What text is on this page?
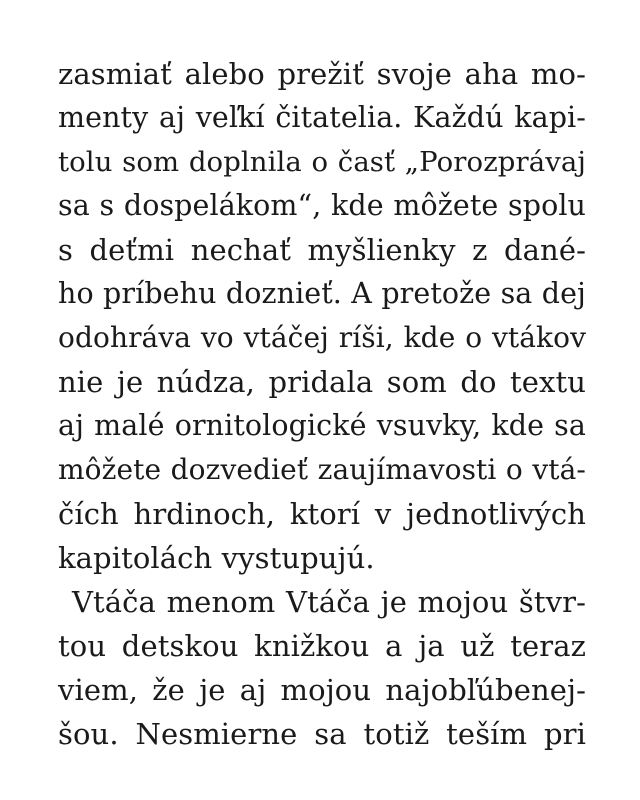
zasmiať alebo prežiť svoje aha mo-
menty aj veľkí čitatelia. Každú kapi-
tolu som doplnila o časť „Porozprávaj
sa s dospelákom“, kde môžete spolu
s deťmi nechať myšlienky z dané-
ho príbehu doznieť. A pretože sa dej
odohráva vo vtáčej ríši, kde o vtákov
nie je núdza, pridala som do textu
aj malé ornitologické vsuvky, kde sa
môžete dozvedieť zaujímavosti o vtá-
čích hrdinoch, ktorí v jednotlivých
kapitolách vystupujú.
Vtáča menom Vtáča je mojou štvr-
tou detskou knižkou a ja už teraz
viem, že je aj mojou najobľúbenej-
šou. Nesmierne sa totiž teším pri
